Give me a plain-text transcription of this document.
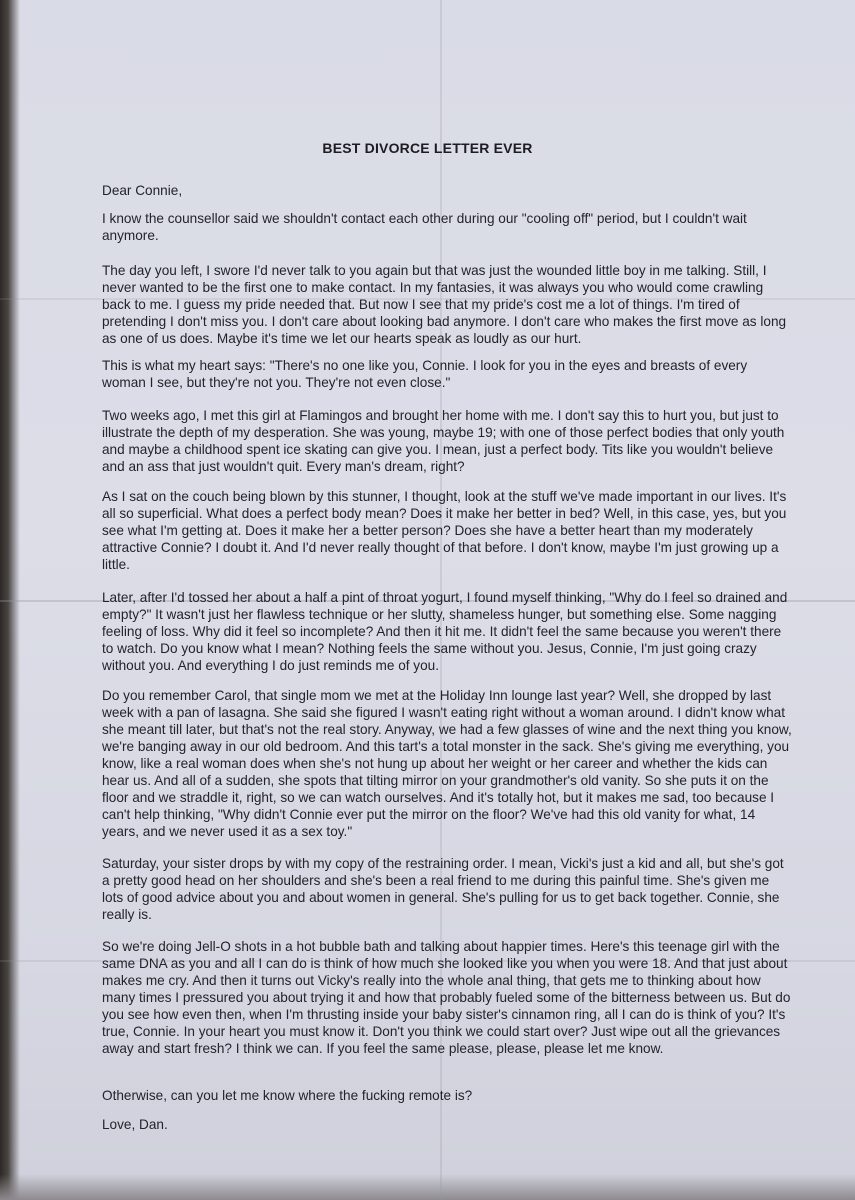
BEST DIVORCE LETTER EVER
Dear Connie,

I know the counsellor said we shouldn't contact each other during our "cooling off" period, but I couldn't wait anymore.

The day you left, I swore I'd never talk to you again but that was just the wounded little boy in me talking. Still, I never wanted to be the first one to make contact. In my fantasies, it was always you who would come crawling back to me. I guess my pride needed that. But now I see that my pride's cost me a lot of things. I'm tired of pretending I don't miss you. I don't care about looking bad anymore. I don't care who makes the first move as long as one of us does. Maybe it's time we let our hearts speak as loudly as our hurt.

This is what my heart says: "There's no one like you, Connie. I look for you in the eyes and breasts of every woman I see, but they're not you. They're not even close."

Two weeks ago, I met this girl at Flamingos and brought her home with me. I don't say this to hurt you, but just to illustrate the depth of my desperation. She was young, maybe 19; with one of those perfect bodies that only youth and maybe a childhood spent ice skating can give you. I mean, just a perfect body. Tits like you wouldn't believe and an ass that just wouldn't quit. Every man's dream, right?

As I sat on the couch being blown by this stunner, I thought, look at the stuff we've made important in our lives. It's all so superficial. What does a perfect body mean? Does it make her better in bed? Well, in this case, yes, but you see what I'm getting at. Does it make her a better person? Does she have a better heart than my moderately attractive Connie? I doubt it. And I'd never really thought of that before. I don't know, maybe I'm just growing up a little.

Later, after I'd tossed her about a half a pint of throat yogurt, I found myself thinking, "Why do I feel so drained and empty?" It wasn't just her flawless technique or her slutty, shameless hunger, but something else. Some nagging feeling of loss. Why did it feel so incomplete? And then it hit me. It didn't feel the same because you weren't there to watch. Do you know what I mean? Nothing feels the same without you. Jesus, Connie, I'm just going crazy without you. And everything I do just reminds me of you.

Do you remember Carol, that single mom we met at the Holiday Inn lounge last year? Well, she dropped by last week with a pan of lasagna. She said she figured I wasn't eating right without a woman around. I didn't know what she meant till later, but that's not the real story. Anyway, we had a few glasses of wine and the next thing you know, we're banging away in our old bedroom. And this tart's a total monster in the sack. She's giving me everything, you know, like a real woman does when she's not hung up about her weight or her career and whether the kids can hear us. And all of a sudden, she spots that tilting mirror on your grandmother's old vanity. So she puts it on the floor and we straddle it, right, so we can watch ourselves. And it's totally hot, but it makes me sad, too because I can't help thinking, "Why didn't Connie ever put the mirror on the floor? We've had this old vanity for what, 14 years, and we never used it as a sex toy."

Saturday, your sister drops by with my copy of the restraining order. I mean, Vicki's just a kid and all, but she's got a pretty good head on her shoulders and she's been a real friend to me during this painful time. She's given me lots of good advice about you and about women in general. She's pulling for us to get back together. Connie, she really is.

So we're doing Jell-O shots in a hot bubble bath and talking about happier times. Here's this teenage girl with the same DNA as you and all I can do is think of how much she looked like you when you were 18. And that just about makes me cry. And then it turns out Vicky's really into the whole anal thing, that gets me to thinking about how many times I pressured you about trying it and how that probably fueled some of the bitterness between us. But do you see how even then, when I'm thrusting inside your baby sister's cinnamon ring, all I can do is think of you? It's true, Connie. In your heart you must know it. Don't you think we could start over? Just wipe out all the grievances away and start fresh? I think we can. If you feel the same please, please, please let me know.

Otherwise, can you let me know where the fucking remote is?

Love, Dan.
